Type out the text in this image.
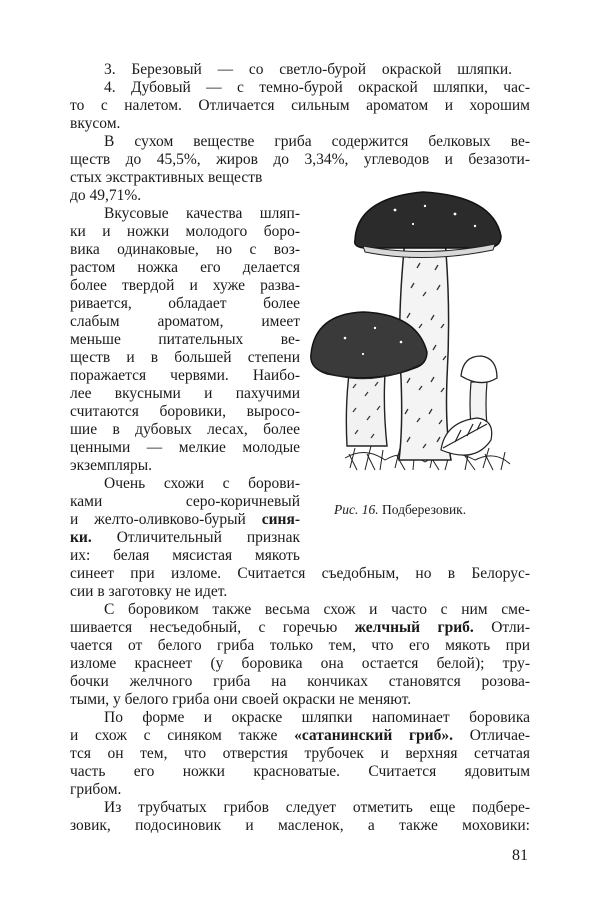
3. Березовый — со светло-бурой окраской шляпки.
4. Дубовый — с темно-бурой окраской шляпки, час-
то с налетом. Отличается сильным ароматом и хорошим
вкусом.
В сухом веществе гриба содержится белковых ве-
ществ до 45,5%, жиров до 3,34%, углеводов и безазоти-
стых экстрактивных веществ
до 49,71%.
Вкусовые качества шляп-
ки и ножки молодого боро-
вика одинаковые, но с воз-
растом ножка его делается
более твердой и хуже разва-
ривается, обладает более
слабым ароматом, имеет
меньше питательных ве-
ществ и в большей степени
поражается червями. Наибо-
лее вкусными и пахучими
считаются боровики, выросо-
шие в дубовых лесах, более
ценными — мелкие молодые
экземпляры.
Очень схожи с борови-
ками серо-коричневый
и желто-оливково-бурый синя-
ки. Отличительный признак
их: белая мясистая мякоть
синеет при изломе. Считается съедобным, но в Белорус-
сии в заготовку не идет.
С боровиком также весьма схож и часто с ним сме-
шивается несъедобный, с горечью желчный гриб. Отли-
чается от белого гриба только тем, что его мякоть при
изломе краснеет (у боровика она остается белой); тру-
бочки желчного гриба на кончиках становятся розова-
тыми, у белого гриба они своей окраски не меняют.
По форме и окраске шляпки напоминает боровика
и схож с синяком также «сатанинский гриб». Отличае-
тся он тем, что отверстия трубочек и верхняя сетчатая
часть его ножки красноватые. Считается ядовитым
грибом.
Из трубчатых грибов следует отметить еще подбере-
зовик, подосиновик и масленок, а также моховики:
Рис. 16. Подберезовик.
81
